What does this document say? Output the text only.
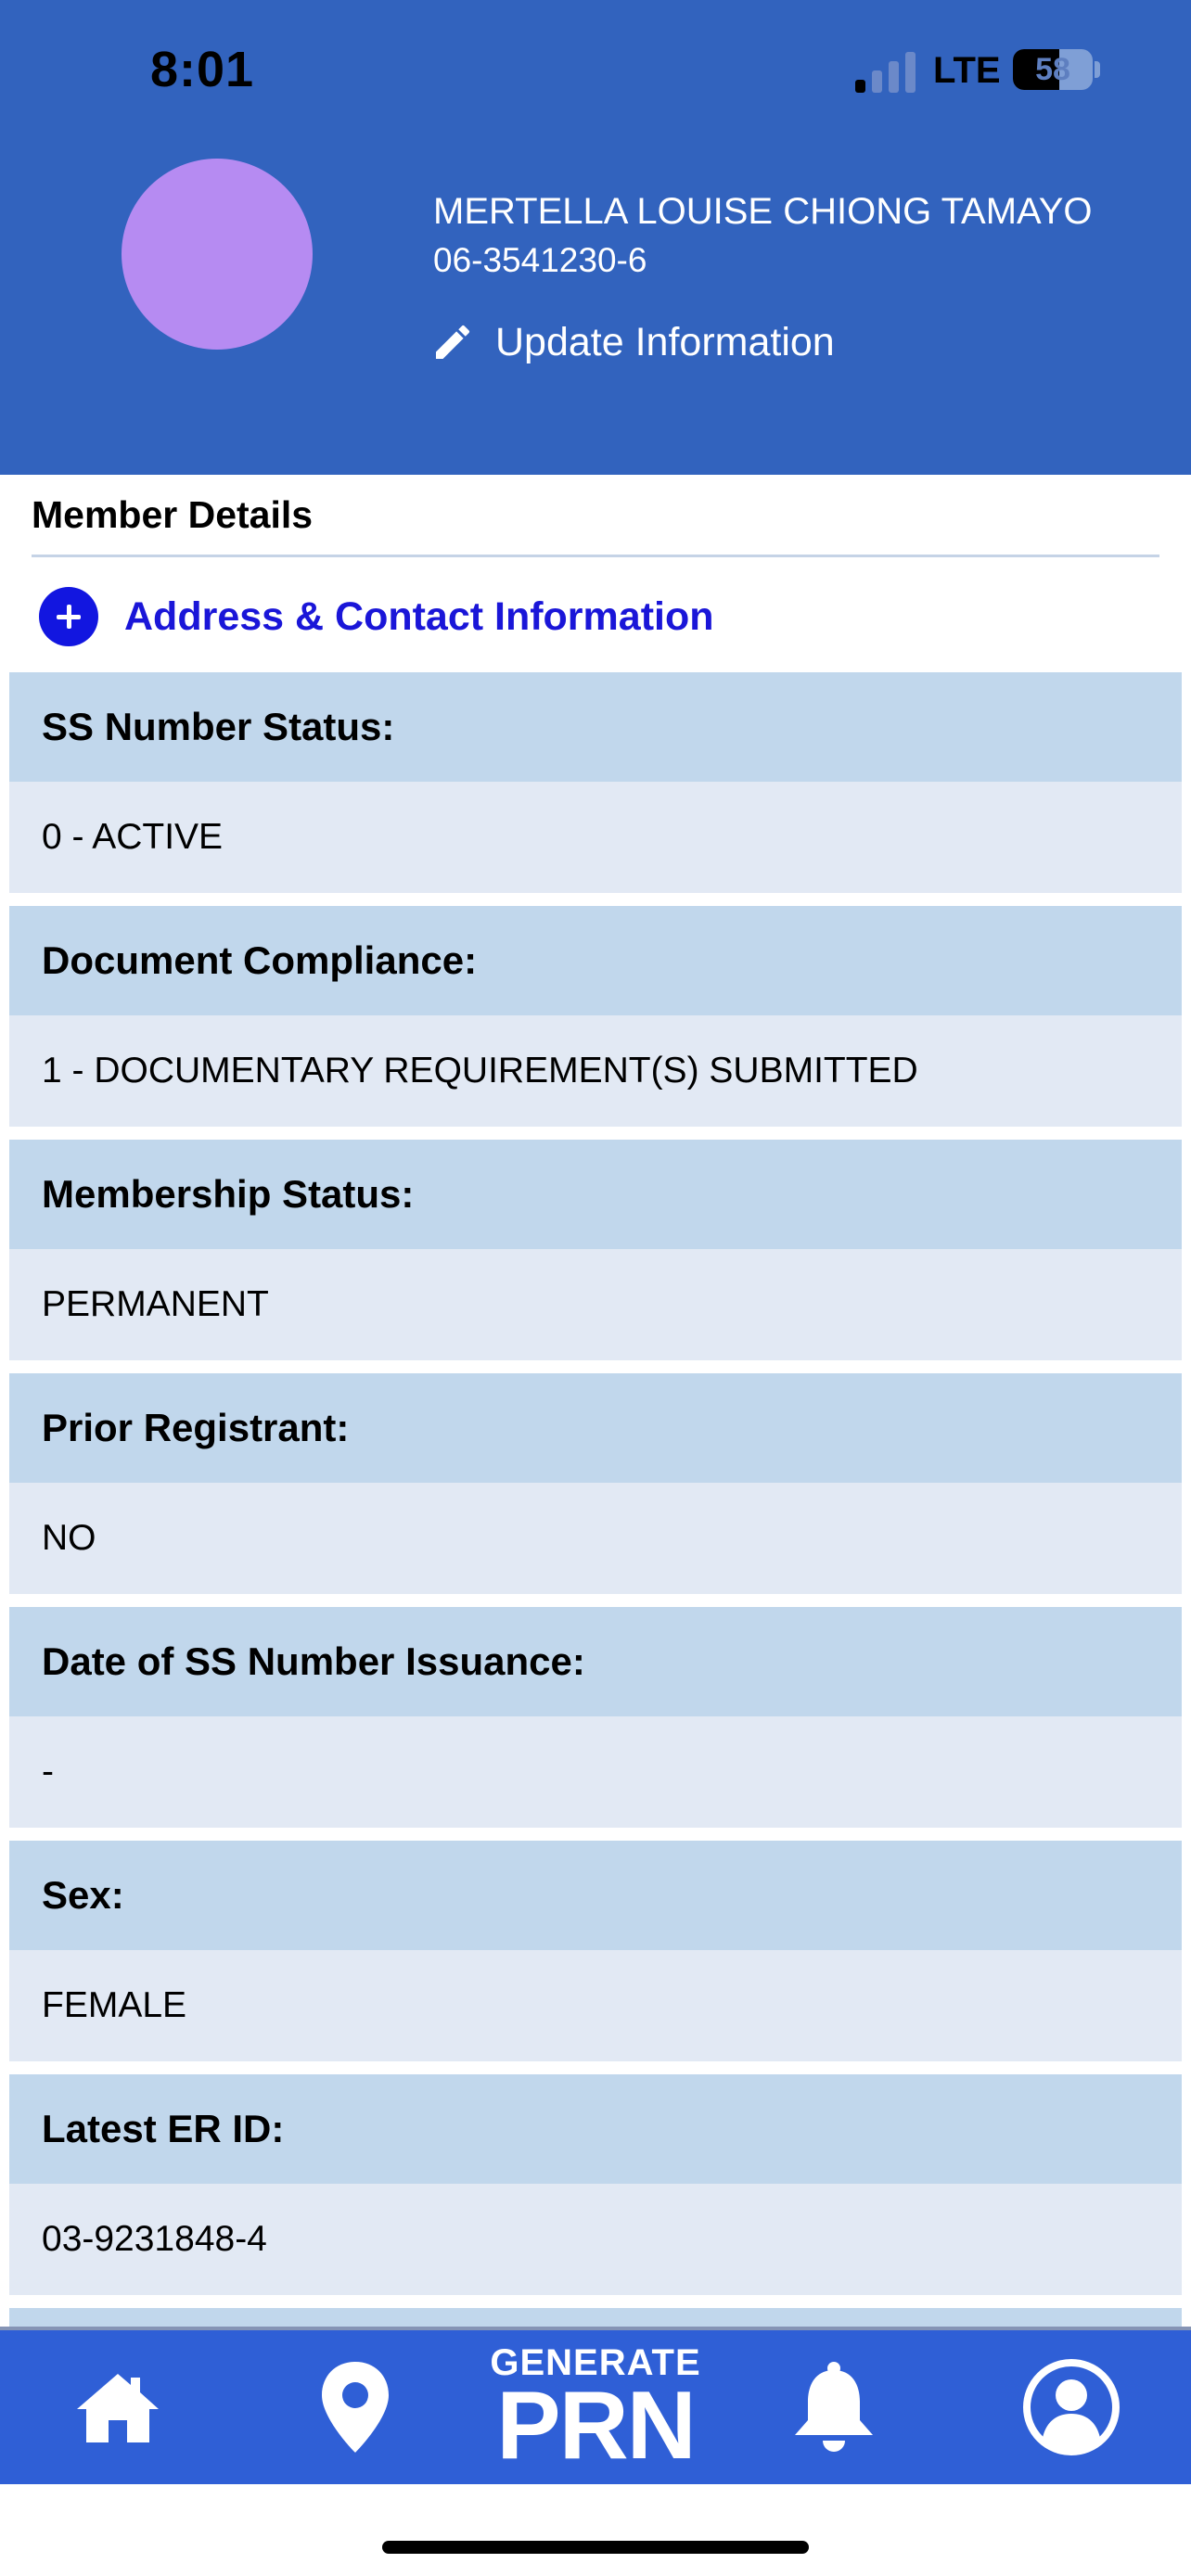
8:01	LTE	58
MERTELLA LOUISE CHIONG TAMAYO
06-3541230-6
Update Information
Member Details
Address & Contact Information
SS Number Status:
0 - ACTIVE
Document Compliance:
1 - DOCUMENTARY REQUIREMENT(S) SUBMITTED
Membership Status:
PERMANENT
Prior Registrant:
NO
Date of SS Number Issuance:
-
Sex:
FEMALE
Latest ER ID:
03-9231848-4
GENERATE
PRN
